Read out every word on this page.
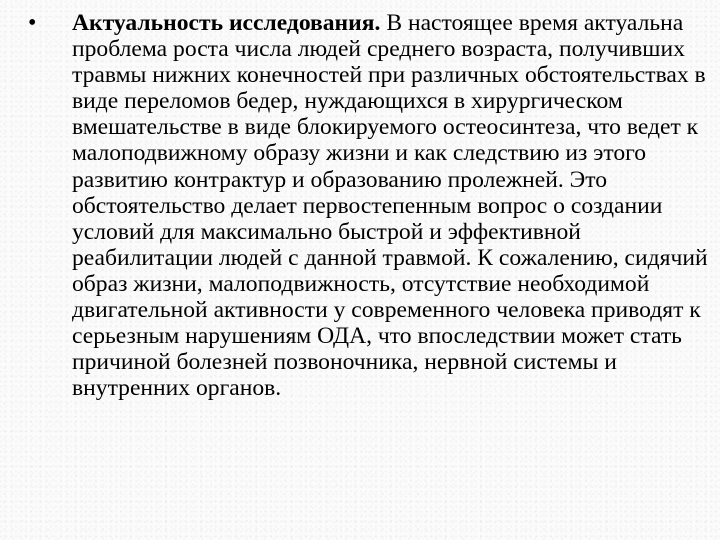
•	Актуальность исследования. В настоящее время актуальна проблема роста числа людей среднего возраста, получивших травмы нижних конечностей при различных обстоятельствах в виде переломов бедер, нуждающихся в хирургическом вмешательстве в виде блокируемого остеосинтеза, что ведет к малоподвижному образу жизни и как следствию из этого развитию контрактур и образованию пролежней. Это обстоятельство делает первостепенным вопрос о создании условий для максимально быстрой и эффективной реабилитации людей с данной травмой. К сожалению, сидячий образ жизни, малоподвижность, отсутствие необходимой двигательной активности у современного человека приводят к серьезным нарушениям ОДА, что впоследствии может стать причиной болезней позвоночника, нервной системы и внутренних органов.
